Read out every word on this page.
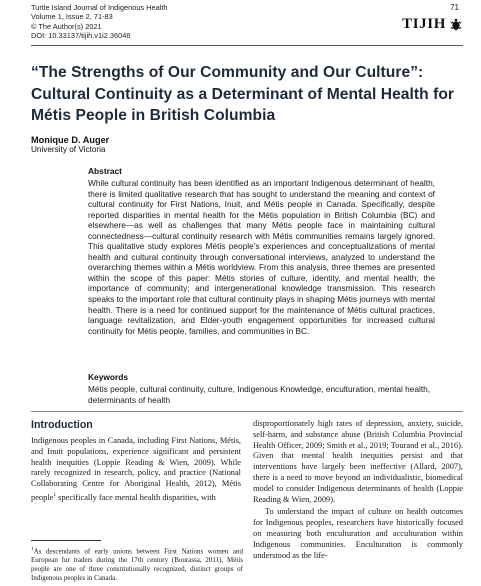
Turtle Island Journal of Indigenous Health
Volume 1, Issue 2, 71-83
© The Author(s) 2021
DOI: 10.33137/tijih.v1i2.36046
71
TIJIH
“The Strengths of Our Community and Our Culture”:
Cultural Continuity as a Determinant of Mental Health for
Métis People in British Columbia
Monique D. Auger
University of Victoria
Abstract

While cultural continuity has been identified as an important Indigenous determinant of health, there is limited qualitative research that has sought to understand the meaning and context of cultural continuity for First Nations, Inuit, and Métis people in Canada. Specifically, despite reported disparities in mental health for the Métis population in British Columbia (BC) and elsewhere—as well as challenges that many Métis people face in maintaining cultural connectedness—cultural continuity research with Métis communities remains largely ignored. This qualitative study explores Métis people’s experiences and conceptualizations of mental health and cultural continuity through conversational interviews, analyzed to understand the overarching themes within a Métis worldview. From this analysis, three themes are presented within the scope of this paper: Métis stories of culture, identity, and mental health; the importance of community; and intergenerational knowledge transmission. This research speaks to the important role that cultural continuity plays in shaping Métis journeys with mental health. There is a need for continued support for the maintenance of Métis cultural practices, language revitalization, and Elder-youth engagement opportunities for increased cultural continuity for Métis people, families, and communities in BC.

Keywords

Métis people, cultural continuity, culture, Indigenous Knowledge, enculturation, mental health, determinants of health

Introduction

Indigenous peoples in Canada, including First Nations, Métis, and Inuit populations, experience significant and persistent health inequities (Loppie Reading & Wien, 2009). While rarely recognized in research, policy, and practice (National Collaborating Centre for Aboriginal Health, 2012), Métis people$^1$ specifically face mental health disparities, with

disproportionately high rates of depression, anxiety, suicide, self-harm, and substance abuse (British Columbia Provincial Health Officer, 2009; Smith et al., 2019; Tourand et al., 2016). Given that mental health inequities persist and that interventions have largely been ineffective (Allard, 2007), there is a need to move beyond an individualistic, biomedical model to consider Indigenous determinants of health (Loppie Reading & Wien, 2009).

To understand the impact of culture on health outcomes for Indigenous peoples, researchers have historically focused on measuring both enculturation and acculturation within Indigenous communities. Enculturation is commonly understood as the life-

$^1$As descendants of early unions between First Nations women and European fur traders during the 17th century (Bourassa, 2011), Métis people are one of three constitutionally recognized, distinct groups of Indigenous peoples in Canada.
